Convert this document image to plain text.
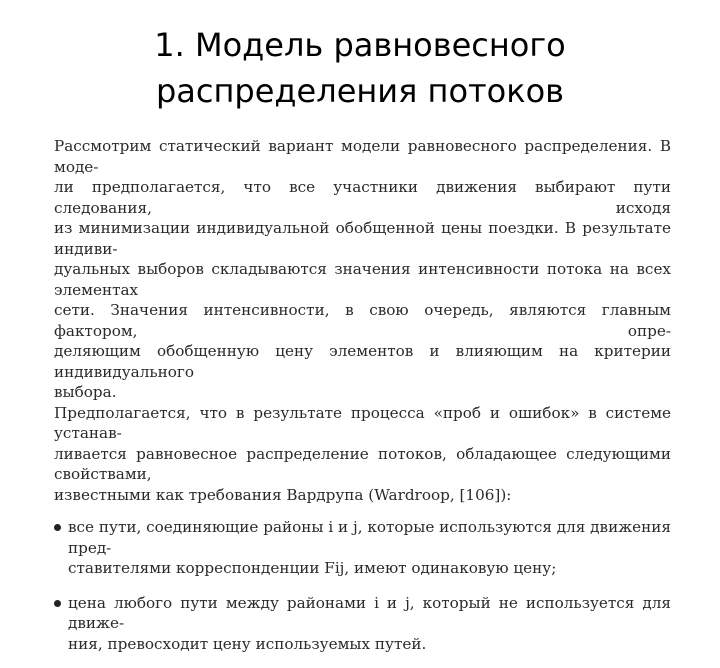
1. Модель равновесного
распределения потоков
Рассмотрим статический вариант модели равновесного распределения. В моде-
ли предполагается, что все участники движения выбирают пути следования, исходя
из минимизации индивидуальной обобщенной цены поездки. В результате индиви-
дуальных выборов складываются значения интенсивности потока на всех элементах
сети. Значения интенсивности, в свою очередь, являются главным фактором, опре-
деляющим обобщенную цену элементов и влияющим на критерии индивидуального
выбора.
Предполагается, что в результате процесса «проб и ошибок» в системе устанав-
ливается равновесное распределение потоков, обладающее следующими свойствами,
известными как требования Вардрупа (Wardroop, [106]):
все пути, соединяющие районы i и j, которые используются для движения пред-
ставителями корреспонденции Fij, имеют одинаковую цену;
цена любого пути между районами i и j, который не используется для движе-
ния, превосходит цену используемых путей.
